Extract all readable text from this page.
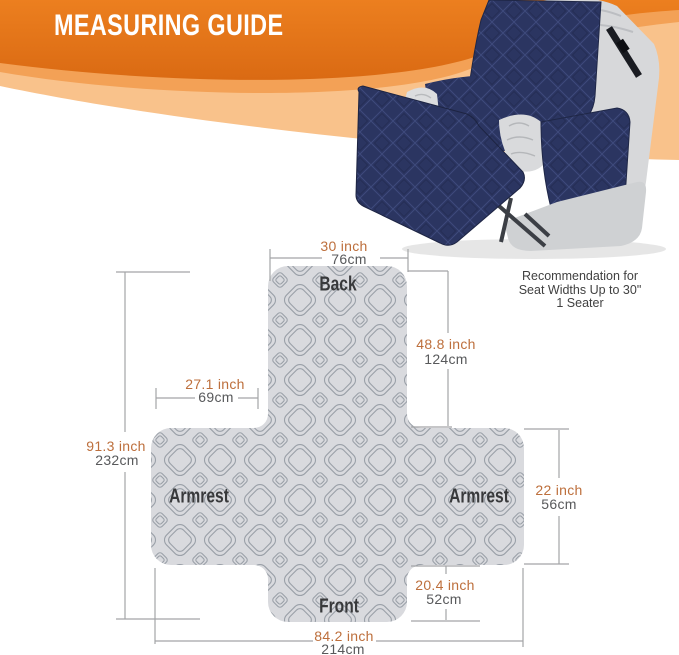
MEASURING GUIDE
Recommendation for
Seat Widths Up to 30"
1 Seater
Back
Armrest	Armrest
Front
30 inch
76cm
48.8 inch
124cm
27.1 inch
69cm
91.3 inch
232cm
22 inch
56cm
20.4 inch
52cm
84.2 inch
214cm
